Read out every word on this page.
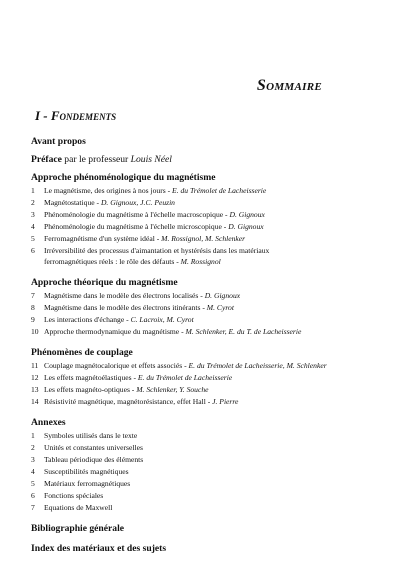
Sommaire
I - Fondements
Avant propos
Préface par le professeur Louis Néel
Approche phénoménologique du magnétisme
1 Le magnétisme, des origines à nos jours - E. du Trémolet de Lacheisserie
2 Magnétostatique - D. Gignoux, J.C. Peuzin
3 Phénoménologie du magnétisme à l'échelle macroscopique - D. Gignoux
4 Phénoménologie du magnétisme à l'échelle microscopique - D. Gignoux
5 Ferromagnétisme d'un système idéal - M. Rossignol, M. Schlenker
6 Irréversibilité des processus d'aimantation et hystérésis dans les matériaux
ferromagnétiques réels : le rôle des défauts - M. Rossignol
Approche théorique du magnétisme
7 Magnétisme dans le modèle des électrons localisés - D. Gignoux
8 Magnétisme dans le modèle des électrons itinérants - M. Cyrot
9 Les interactions d'échange - C. Lacroix, M. Cyrot
10 Approche thermodynamique du magnétisme - M. Schlenker, E. du T. de Lacheisserie
Phénomènes de couplage
11 Couplage magnétocalorique et effets associés - E. du Trémolet de Lacheisserie, M. Schlenker
12 Les effets magnétoélastiques - E. du Trémolet de Lacheisserie
13 Les effets magnéto-optiques - M. Schlenker, Y. Souche
14 Résistivité magnétique, magnétorésistance, effet Hall - J. Pierre
Annexes
1 Symboles utilisés dans le texte
2 Unités et constantes universelles
3 Tableau périodique des éléments
4 Susceptibilités magnétiques
5 Matériaux ferromagnétiques
6 Fonctions spéciales
7 Equations de Maxwell
Bibliographie générale
Index des matériaux et des sujets
